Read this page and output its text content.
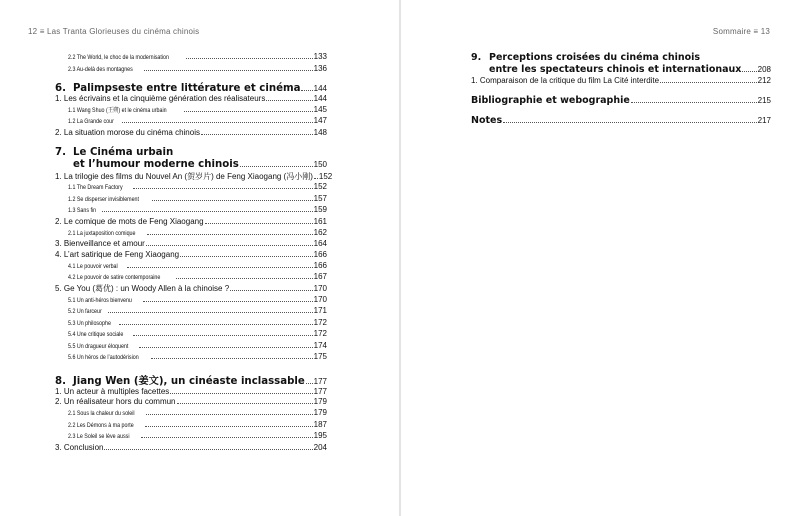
12 ≡ Las Tranta Glorieuses du cinéma chinois
2.2 The World, le choc de la modernisation	133
2.3 Au-delà des montagnes	136
6. Palimpseste entre littérature et cinéma 144
1. Les écrivains et la cinquième génération des réalisateurs	144
1.1 Wang Shuo (王朔) et le cinéma urbain	145
1.2 La Grande cour	147
2. La situation morose du cinéma chinois	148
7. Le Cinéma urbain
et l’humour moderne chinois	150
1. La trilogie des films du Nouvel An (贺岁片) de Feng Xiaogang (冯小刚) 152
1.1 The Dream Factory	152
1.2 Se disperser invisiblement	157
1.3 Sans fin	159
2. Le comique de mots de Feng Xiaogang	161
2.1 La juxtaposition comique	162
3. Bienveillance et amour	164
4. L’art satirique de Feng Xiaogang	166
4.1 Le pouvoir verbal	166
4.2 Le pouvoir de satire contemporaine	167
5. Ge You (葛优) : un Woody Allen à la chinoise ?	170
5.1 Un anti-héros bienvenu	170
5.2 Un farceur	171
5.3 Un philosophe	172
5.4 Une critique sociale	172
5.5 Un dragueur éloquent	174
5.6 Un héros de l’autodérision	175
8. Jiang Wen (姜文), un cinéaste inclassable 177
1. Un acteur à multiples facettes	177
2. Un réalisateur hors du commun	179
2.1 Sous la chaleur du soleil	179
2.2 Les Démons à ma porte	187
2.3 Le Soleil se lève aussi	195
3. Conclusion	204
Sommaire ≡ 13
9. Perceptions croisées du cinéma chinois
entre les spectateurs chinois et internationaux 208
1. Comparaison de la critique du film La Cité interdite	212
Bibliographie et webographie	215
Notes	217
